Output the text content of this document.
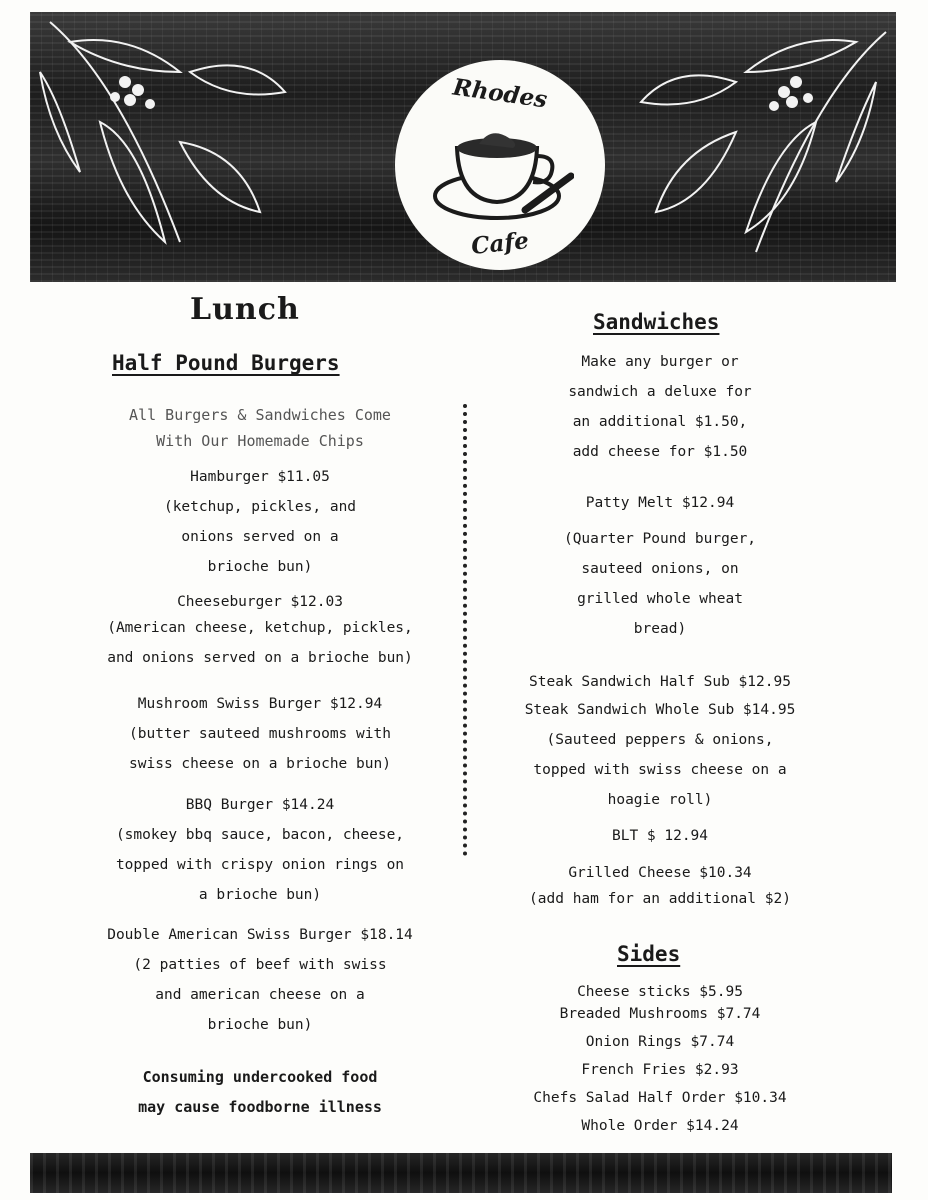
Rhodes
Cafe
Lunch
Half Pound Burgers
All Burgers & Sandwiches Come
With Our Homemade Chips
Hamburger $11.05
(ketchup, pickles, and
onions served on a
brioche bun)
Cheeseburger $12.03
(American cheese, ketchup, pickles,
and onions served on a brioche bun)
Mushroom Swiss Burger $12.94
(butter sauteed mushrooms with
swiss cheese on a brioche bun)
BBQ Burger $14.24
(smokey bbq sauce, bacon, cheese,
topped with crispy onion rings on
a brioche bun)
Double American Swiss Burger $18.14
(2 patties of beef with swiss
and american cheese on a
brioche bun)
Consuming undercooked food
may cause foodborne illness
Sandwiches
Make any burger or
sandwich a deluxe for
an additional $1.50,
add cheese for $1.50
Patty Melt $12.94
(Quarter Pound burger,
sauteed onions, on
grilled whole wheat
bread)
Steak Sandwich Half Sub $12.95
Steak Sandwich Whole Sub $14.95
(Sauteed peppers & onions,
topped with swiss cheese on a
hoagie roll)
BLT $ 12.94
Grilled Cheese $10.34
(add ham for an additional $2)
Sides
Cheese sticks $5.95
Breaded Mushrooms $7.74
Onion Rings $7.74
French Fries $2.93
Chefs Salad Half Order $10.34
Whole Order $14.24
